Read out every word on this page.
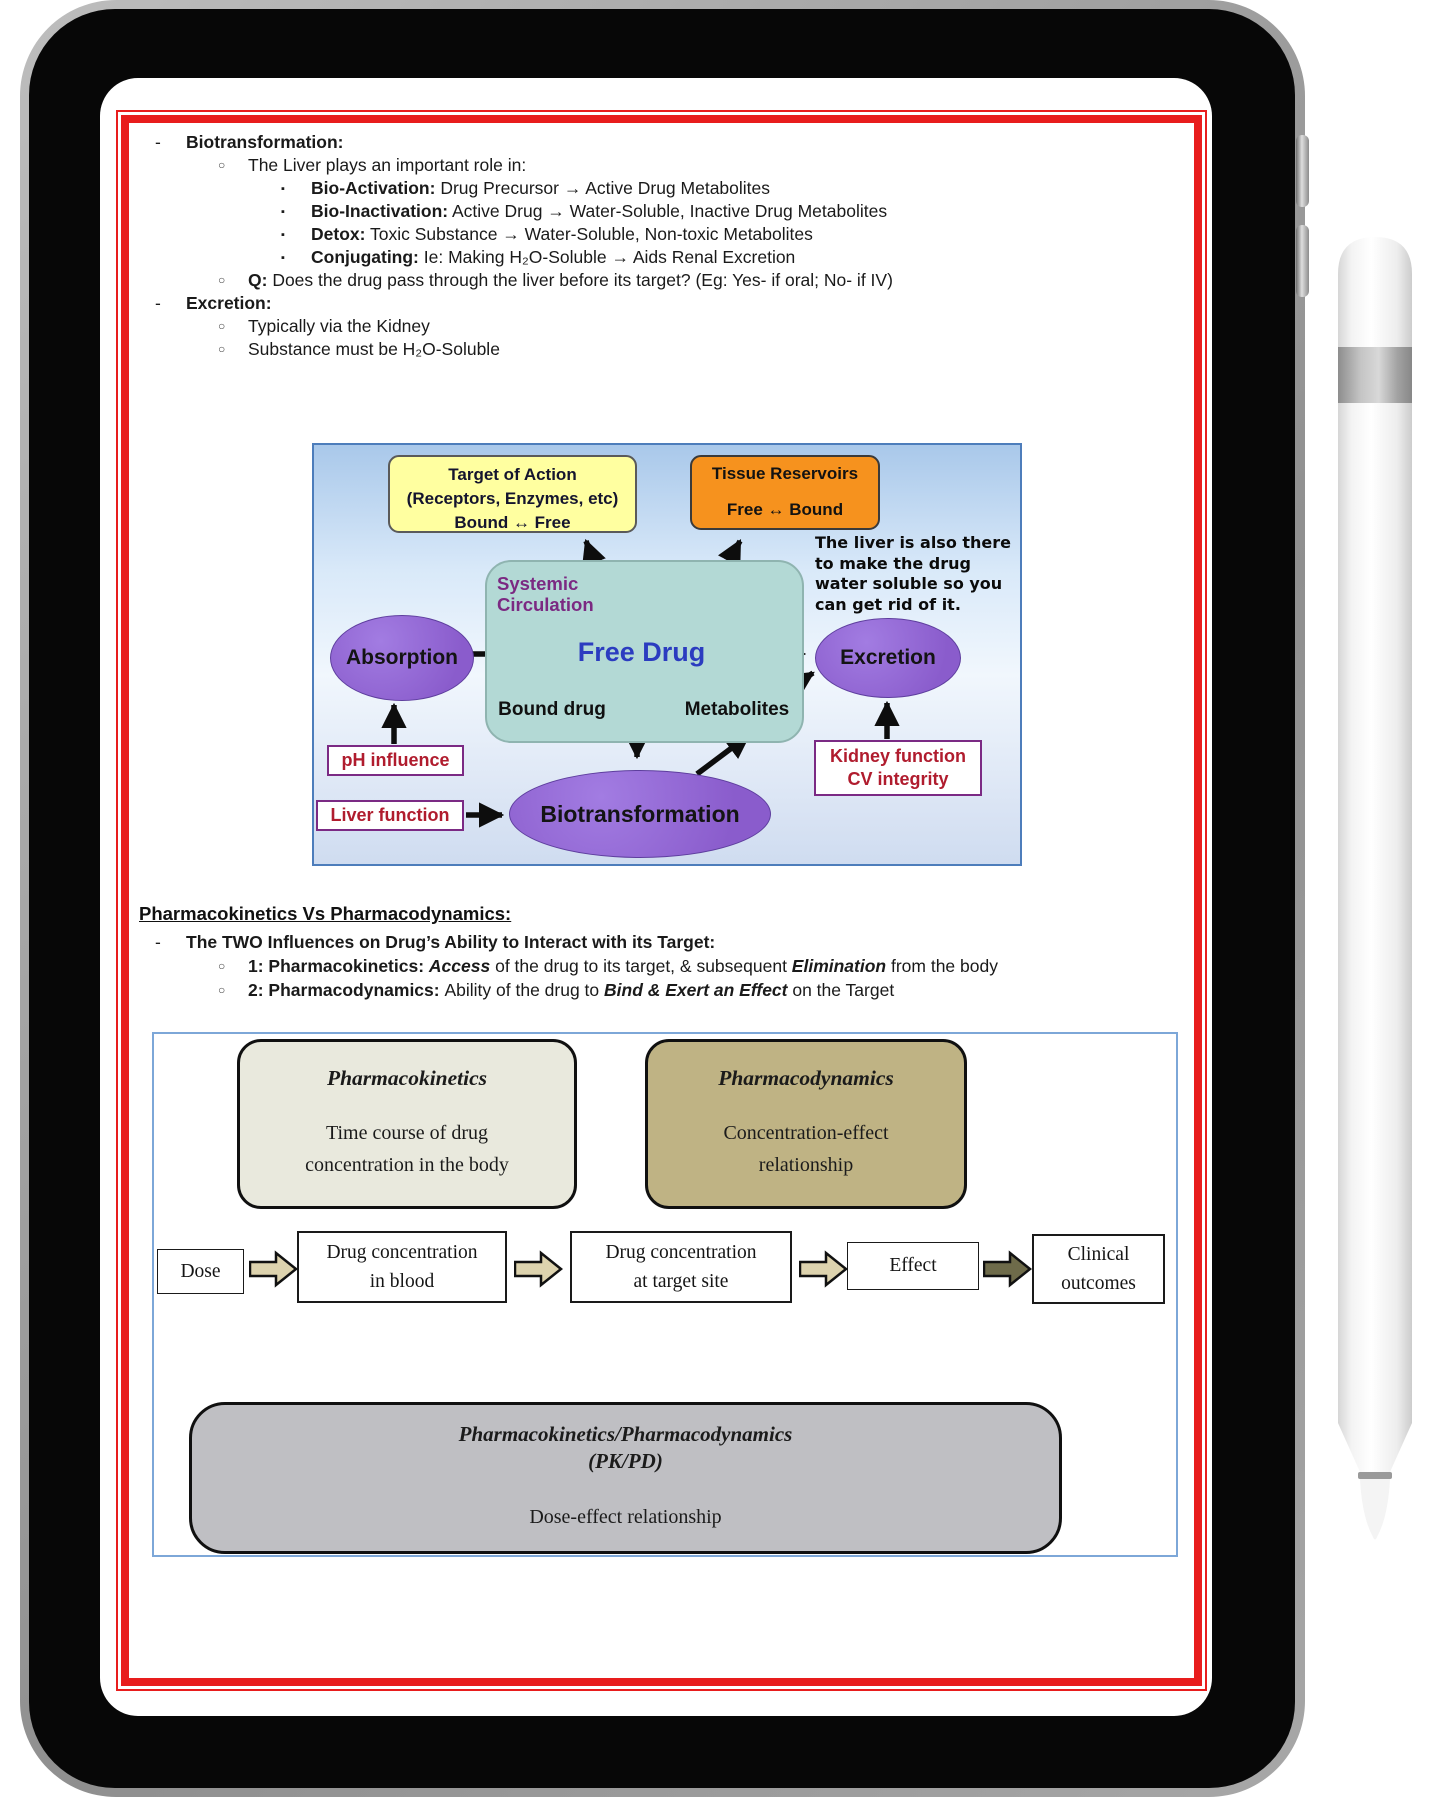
- Biotransformation:
○ The Liver plays an important role in:
▪ Bio-Activation: Drug Precursor → Active Drug Metabolites
▪ Bio-Inactivation: Active Drug → Water-Soluble, Inactive Drug Metabolites
▪ Detox: Toxic Substance → Water-Soluble, Non-toxic Metabolites
▪ Conjugating: Ie: Making H₂O-Soluble → Aids Renal Excretion
○ Q: Does the drug pass through the liver before its target? (Eg: Yes- if oral; No- if IV)
- Excretion:
○ Typically via the Kidney
○ Substance must be H₂O-Soluble
Pharmacokinetics Vs Pharmacodynamics:
- The TWO Influences on Drug’s Ability to Interact with its Target:
○ 1: Pharmacokinetics: Access of the drug to its target, & subsequent Elimination from the body
○ 2: Pharmacodynamics: Ability of the drug to Bind & Exert an Effect on the Target
Systemic
Circulation
Free Drug
Bound drug	Metabolites
Target of Action
(Receptors, Enzymes, etc)
Bound ↔ Free
Tissue Reservoirs
Free ↔ Bound
The liver is also there
to make the drug
water soluble so you
can get rid of it.
Absorption	Excretion
Biotransformation
pH influence
Liver function
Kidney function
CV integrity
Pharmacokinetics
Time course of drug
concentration in the body
Pharmacodynamics
Concentration-effect
relationship
Dose
Drug concentration
in blood
Drug concentration
at target site
Effect
Clinical
outcomes
Pharmacokinetics/Pharmacodynamics
(PK/PD)
Dose-effect relationship
